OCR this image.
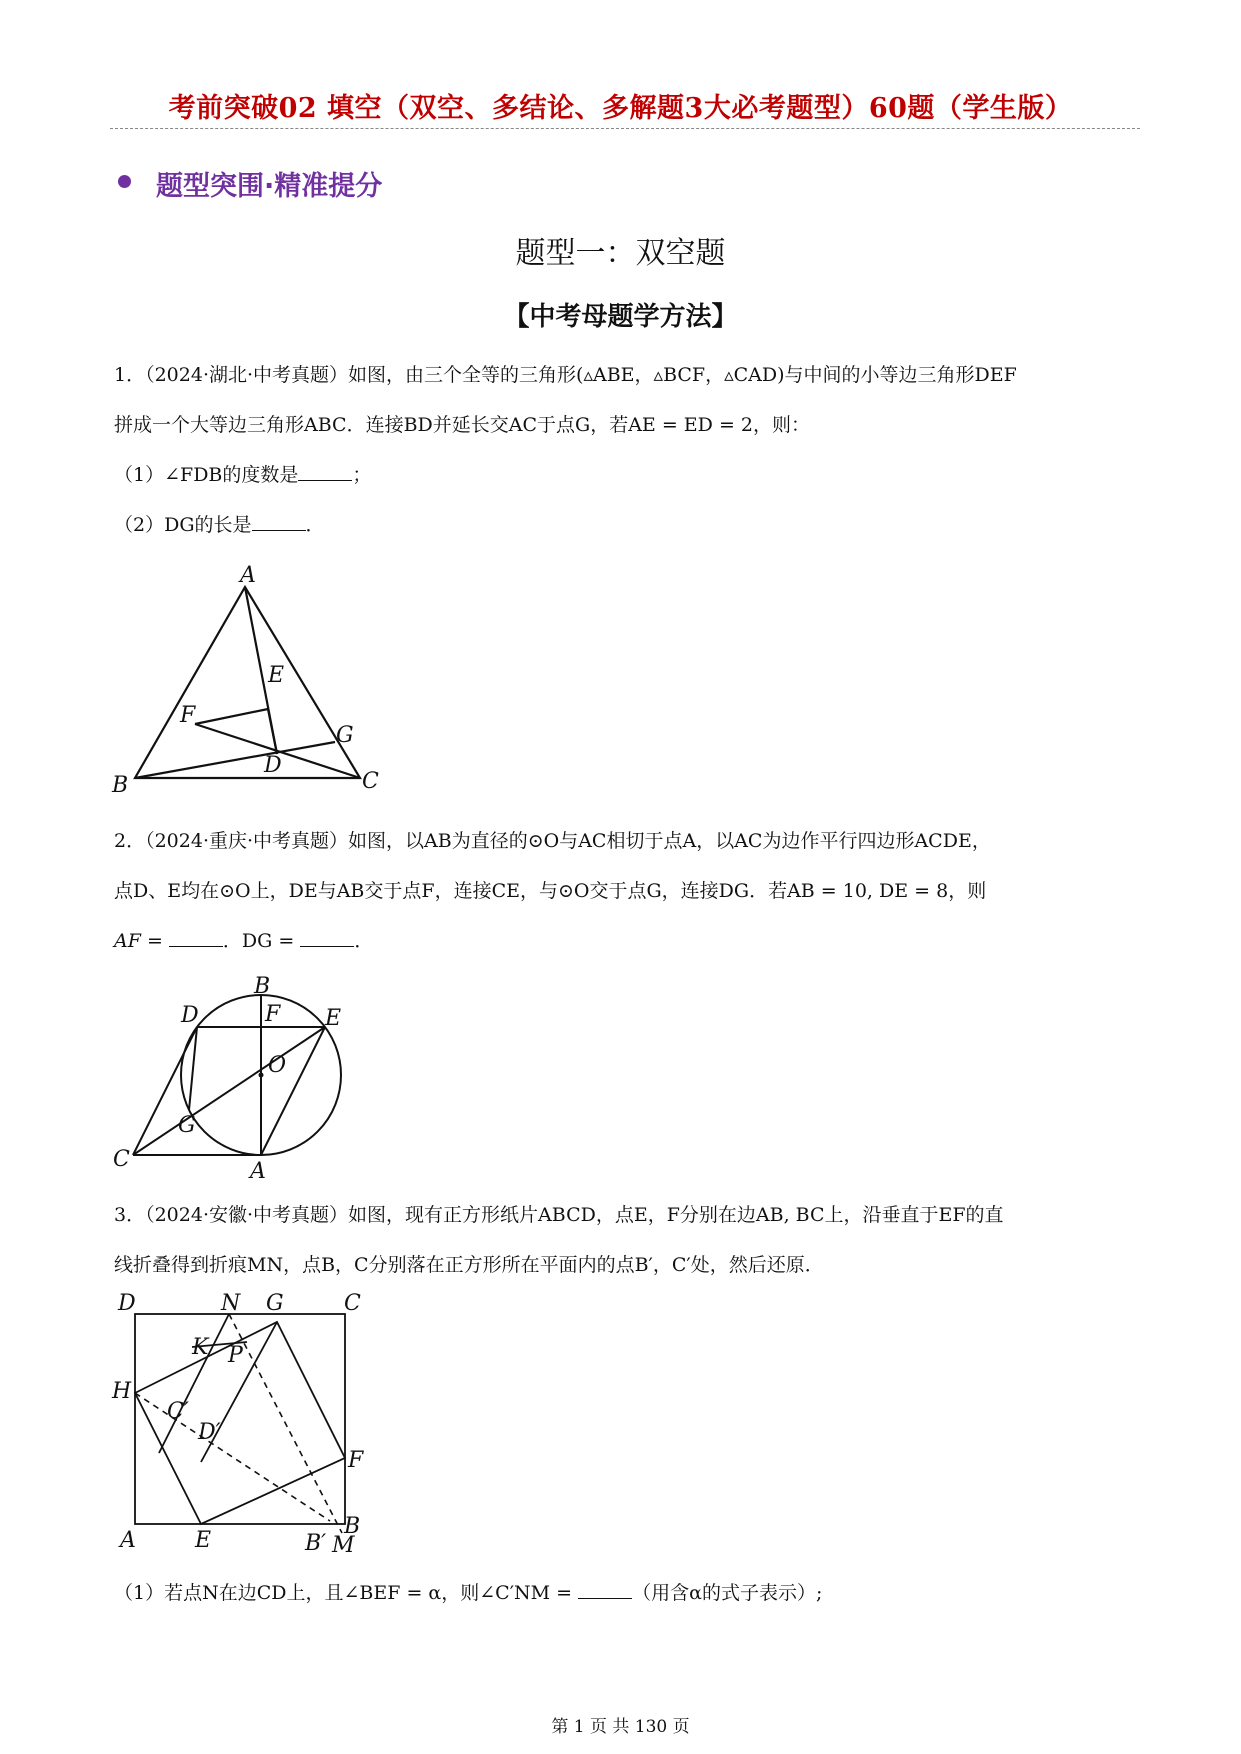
考前突破02 填空（双空、多结论、多解题3大必考题型）60题（学生版）
题型突围·精准提分
题型一：双空题
【中考母题学方法】
1．（2024·湖北·中考真题）如图，由三个全等的三角形(▵ABE，▵BCF，▵CAD)与中间的小等边三角形DEF
拼成一个大等边三角形ABC．连接BD并延长交AC于点G，若AE = ED = 2，则：
（1）∠FDB的度数是	；
（2）DG的长是	．
A
E
F
G
D
B	C
2．（2024·重庆·中考真题）如图，以AB为直径的⊙O与AC相切于点A，以AC为边作平行四边形ACDE，
点D、E均在⊙O上，DE与AB交于点F，连接CE，与⊙O交于点G，连接DG．若AB = 10, DE = 8，则
AF =	．DG =	．
B
D	F E
O
G
C	A
3．（2024·安徽·中考真题）如图，现有正方形纸片ABCD，点E，F分别在边AB, BC上，沿垂直于EF的直
线折叠得到折痕MN，点B，C分别落在正方形所在平面内的点B′，C′处，然后还原．
D	N G	C
K P
H
C′
D′
F
A	E	B′ M
B
（1）若点N在边CD上，且∠BEF = α，则∠C′NM =	（用含α的式子表示）;
第 1 页 共 130 页
